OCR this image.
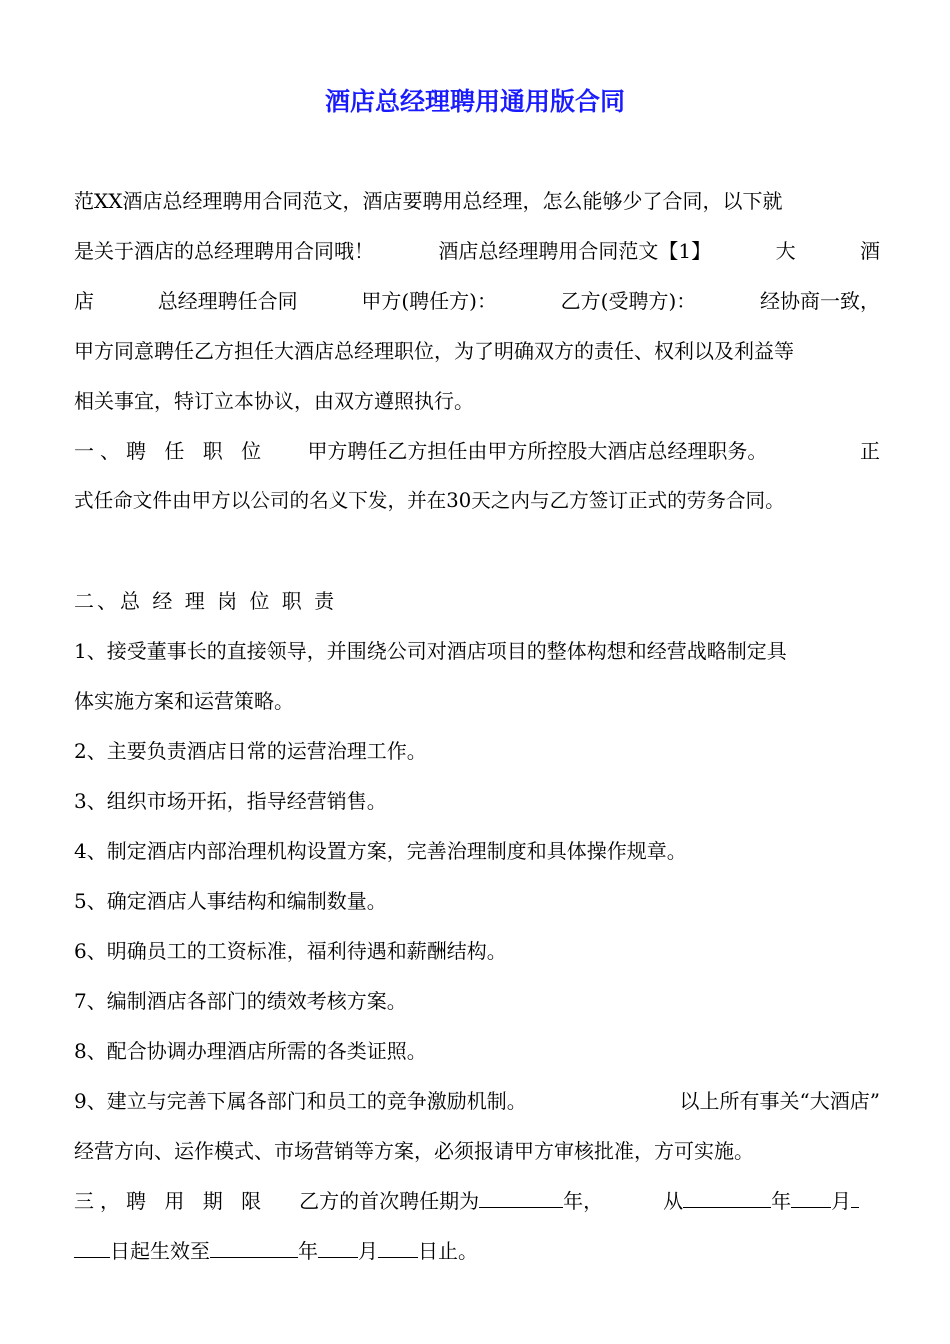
酒店总经理聘用通用版合同
范XX酒店总经理聘用合同范文，酒店要聘用总经理，怎么能够少了合同，以下就
是关于酒店的总经理聘用合同哦！	酒店总经理聘用合同范文【1】	大	酒
店	总经理聘任合同	甲方(聘任方)：	乙方(受聘方)：	经协商一致，
甲方同意聘任乙方担任大酒店总经理职位，为了明确双方的责任、权利以及利益等
相关事宜，特订立本协议，由双方遵照执行。
一、聘 任 职 位 甲方聘任乙方担任由甲方所控股大酒店总经理职务。	正
式任命文件由甲方以公司的名义下发，并在30天之内与乙方签订正式的劳务合同。
二、总 经 理 岗 位 职 责
1、接受董事长的直接领导，并围绕公司对酒店项目的整体构想和经营战略制定具
体实施方案和运营策略。
2、主要负责酒店日常的运营治理工作。
3、组织市场开拓，指导经营销售。
4、制定酒店内部治理机构设置方案，完善治理制度和具体操作规章。
5、确定酒店人事结构和编制数量。
6、明确员工的工资标准，福利待遇和薪酬结构。
7、编制酒店各部门的绩效考核方案。
8、配合协调办理酒店所需的各类证照。
9、建立与完善下属各部门和员工的竞争激励机制。	以上所有事关“大酒店”
经营方向、运作模式、市场营销等方案，必须报请甲方审核批准，方可实施。
三，聘 用 期 限 乙方的首次聘任期为	年，	从	年 月
日起生效至	年 月 日止。
